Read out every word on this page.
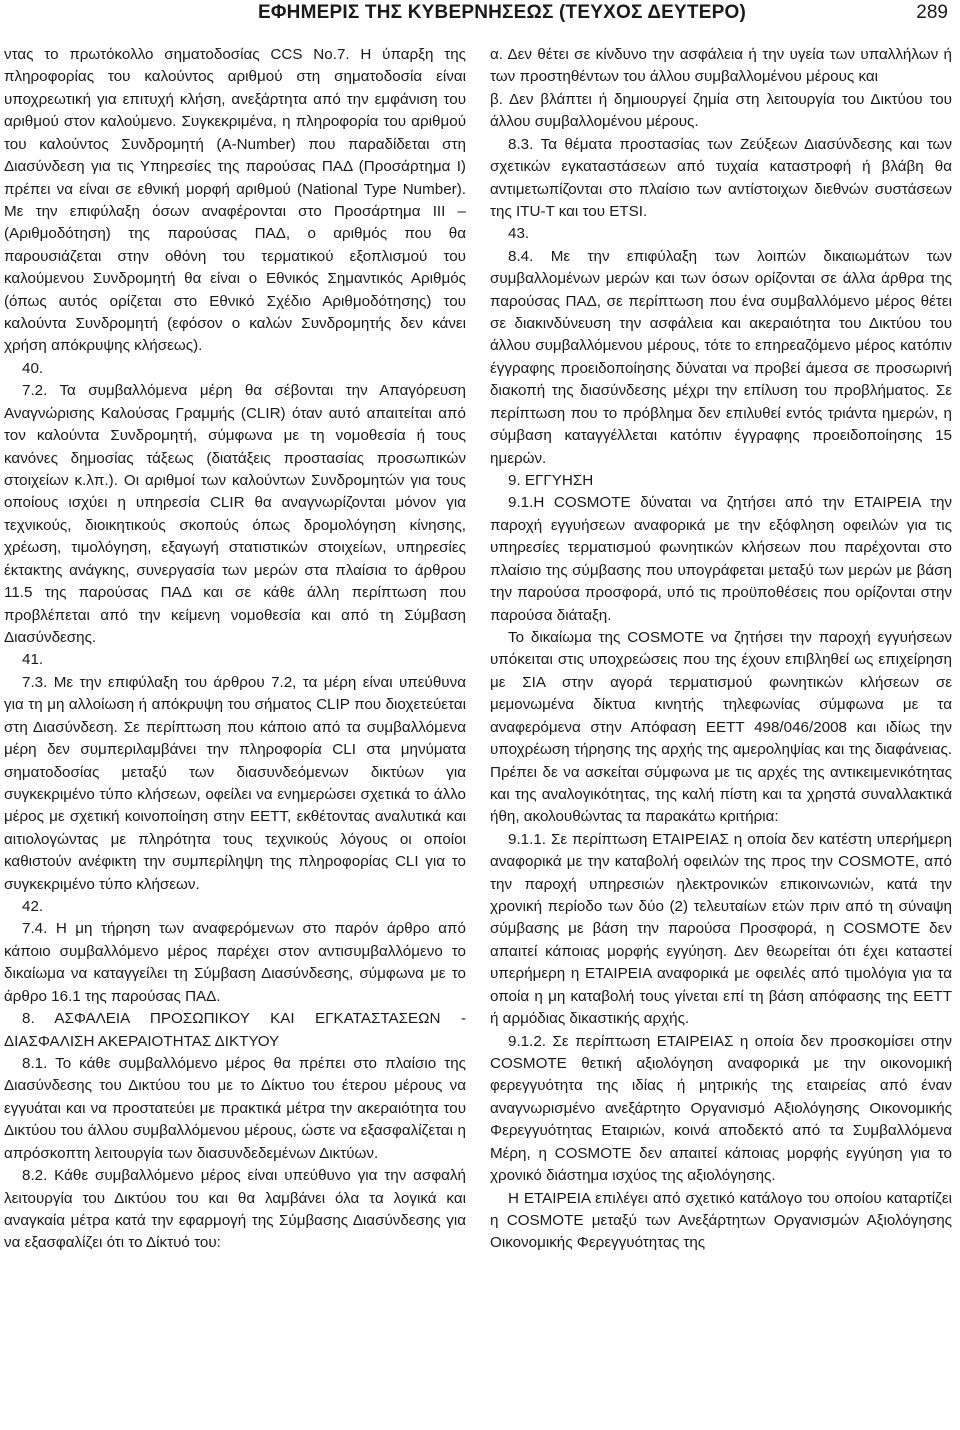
ΕΦΗΜΕΡΙΣ ΤΗΣ ΚΥΒΕΡΝΗΣΕΩΣ (ΤΕΥΧΟΣ ΔΕΥΤΕΡΟ)	289

ντας το πρωτόκολλο σηματοδοσίας CCS No.7. Η ύπαρξη της πληροφορίας του καλούντος αριθμού στη σηματοδοσία είναι υποχρεωτική για επιτυχή κλήση, ανεξάρτητα από την εμφάνιση του αριθμού στον καλούμενο. Συγκεκριμένα, η πληροφορία του αριθμού του καλούντος Συνδρομητή (A-Number) που παραδίδεται στη Διασύνδεση για τις Υπηρεσίες της παρούσας ΠΑΔ (Προσάρτημα I) πρέπει να είναι σε εθνική μορφή αριθμού (National Type Number). Με την επιφύλαξη όσων αναφέρονται στο Προσάρτημα III – (Αριθμοδότηση) της παρούσας ΠΑΔ, ο αριθμός που θα παρουσιάζεται στην οθόνη του τερματικού εξοπλισμού του καλούμενου Συνδρομητή θα είναι ο Εθνικός Σημαντικός Αριθμός (όπως αυτός ορίζεται στο Εθνικό Σχέδιο Αριθμοδότησης) του καλούντα Συνδρομητή (εφόσον ο καλών Συνδρομητής δεν κάνει χρήση απόκρυψης κλήσεως).

40.

7.2. Τα συμβαλλόμενα μέρη θα σέβονται την Απαγόρευση Αναγνώρισης Καλούσας Γραμμής (CLIR) όταν αυτό απαιτείται από τον καλούντα Συνδρομητή, σύμφωνα με τη νομοθεσία ή τους κανόνες δημοσίας τάξεως (διατάξεις προστασίας προσωπικών στοιχείων κ.λπ.). Οι αριθμοί των καλούντων Συνδρομητών για τους οποίους ισχύει η υπηρεσία CLIR θα αναγνωρίζονται μόνον για τεχνικούς, διοικητικούς σκοπούς όπως δρομολόγηση κίνησης, χρέωση, τιμολόγηση, εξαγωγή στατιστικών στοιχείων, υπηρεσίες έκτακτης ανάγκης, συνεργασία των μερών στα πλαίσια το άρθρου 11.5 της παρούσας ΠΑΔ και σε κάθε άλλη περίπτωση που προβλέπεται από την κείμενη νομοθεσία και από τη Σύμβαση Διασύνδεσης.

41.

7.3. Με την επιφύλαξη του άρθρου 7.2, τα μέρη είναι υπεύθυνα για τη μη αλλοίωση ή απόκρυψη του σήματος CLIP που διοχετεύεται στη Διασύνδεση. Σε περίπτωση που κάποιο από τα συμβαλλόμενα μέρη δεν συμπεριλαμβάνει την πληροφορία CLI στα μηνύματα σηματοδοσίας μεταξύ των διασυνδεόμενων δικτύων για συγκεκριμένο τύπο κλήσεων, οφείλει να ενημερώσει σχετικά το άλλο μέρος με σχετική κοινοποίηση στην ΕΕΤΤ, εκθέτοντας αναλυτικά και αιτιολογώντας με πληρότητα τους τεχνικούς λόγους οι οποίοι καθιστούν ανέφικτη την συμπερίληψη της πληροφορίας CLI για το συγκεκριμένο τύπο κλήσεων.

42.

7.4. Η μη τήρηση των αναφερόμενων στο παρόν άρθρο από κάποιο συμβαλλόμενο μέρος παρέχει στον αντισυμβαλλόμενο το δικαίωμα να καταγγείλει τη Σύμβαση Διασύνδεσης, σύμφωνα με το άρθρο 16.1 της παρούσας ΠΑΔ.

8. ΑΣΦΑΛΕΙΑ ΠΡΟΣΩΠΙΚΟΥ ΚΑΙ ΕΓΚΑΤΑΣΤΑΣΕΩΝ - ΔΙΑΣΦΑΛΙΣΗ ΑΚΕΡΑΙΟΤΗΤΑΣ ΔΙΚΤΥΟΥ

8.1. Το κάθε συμβαλλόμενο μέρος θα πρέπει στο πλαίσιο της Διασύνδεσης του Δικτύου του με το Δίκτυο του έτερου μέρους να εγγυάται και να προστατεύει με πρακτικά μέτρα την ακεραιότητα του Δικτύου του άλλου συμβαλλόμενου μέρους, ώστε να εξασφαλίζεται η απρόσκοπτη λειτουργία των διασυνδεδεμένων Δικτύων.

8.2. Κάθε συμβαλλόμενο μέρος είναι υπεύθυνο για την ασφαλή λειτουργία του Δικτύου του και θα λαμβάνει όλα τα λογικά και αναγκαία μέτρα κατά την εφαρμογή της Σύμβασης Διασύνδεσης για να εξασφαλίζει ότι το Δίκτυό του:

α. Δεν θέτει σε κίνδυνο την ασφάλεια ή την υγεία των υπαλλήλων ή των προστηθέντων του άλλου συμβαλλομένου μέρους και

β. Δεν βλάπτει ή δημιουργεί ζημία στη λειτουργία του Δικτύου του άλλου συμβαλλομένου μέρους.

8.3. Τα θέματα προστασίας των Ζεύξεων Διασύνδεσης και των σχετικών εγκαταστάσεων από τυχαία καταστροφή ή βλάβη θα αντιμετωπίζονται στο πλαίσιο των αντίστοιχων διεθνών συστάσεων της ITU-T και του ETSI.

43.

8.4. Με την επιφύλαξη των λοιπών δικαιωμάτων των συμβαλλομένων μερών και των όσων ορίζονται σε άλλα άρθρα της παρούσας ΠΑΔ, σε περίπτωση που ένα συμβαλλόμενο μέρος θέτει σε διακινδύνευση την ασφάλεια και ακεραιότητα του Δικτύου του άλλου συμβαλλόμενου μέρους, τότε το επηρεαζόμενο μέρος κατόπιν έγγραφης προειδοποίησης δύναται να προβεί άμεσα σε προσωρινή διακοπή της διασύνδεσης μέχρι την επίλυση του προβλήματος. Σε περίπτωση που το πρόβλημα δεν επιλυθεί εντός τριάντα ημερών, η σύμβαση καταγγέλλεται κατόπιν έγγραφης προειδοποίησης 15 ημερών.

9. ΕΓΓΥΗΣΗ

9.1.Η COSMOTE δύναται να ζητήσει από την ΕΤΑΙΡΕΙΑ την παροχή εγγυήσεων αναφορικά με την εξόφληση οφειλών για τις υπηρεσίες τερματισμού φωνητικών κλήσεων που παρέχονται στο πλαίσιο της σύμβασης που υπογράφεται μεταξύ των μερών με βάση την παρούσα προσφορά, υπό τις προϋποθέσεις που ορίζονται στην παρούσα διάταξη.

Το δικαίωμα της COSMOTE να ζητήσει την παροχή εγγυήσεων υπόκειται στις υποχρεώσεις που της έχουν επιβληθεί ως επιχείρηση με ΣΙΑ στην αγορά τερματισμού φωνητικών κλήσεων σε μεμονωμένα δίκτυα κινητής τηλεφωνίας σύμφωνα με τα αναφερόμενα στην Απόφαση ΕΕΤΤ 498/046/2008 και ιδίως την υποχρέωση τήρησης της αρχής της αμεροληψίας και της διαφάνειας. Πρέπει δε να ασκείται σύμφωνα με τις αρχές της αντικειμενικότητας και της αναλογικότητας, της καλή πίστη και τα χρηστά συναλλακτικά ήθη, ακολουθώντας τα παρακάτω κριτήρια:

9.1.1. Σε περίπτωση ΕΤΑΙΡΕΙΑΣ η οποία δεν κατέστη υπερήμερη αναφορικά με την καταβολή οφειλών της προς την COSMOTE, από την παροχή υπηρεσιών ηλεκτρονικών επικοινωνιών, κατά την χρονική περίοδο των δύο (2) τελευταίων ετών πριν από τη σύναψη σύμβασης με βάση την παρούσα Προσφορά, η COSMOTE δεν απαιτεί κάποιας μορφής εγγύηση. Δεν θεωρείται ότι έχει καταστεί υπερήμερη η ΕΤΑΙΡΕΙΑ αναφορικά με οφειλές από τιμολόγια για τα οποία η μη καταβολή τους γίνεται επί τη βάση απόφασης της ΕΕΤΤ ή αρμόδιας δικαστικής αρχής.

9.1.2. Σε περίπτωση ΕΤΑΙΡΕΙΑΣ η οποία δεν προσκομίσει στην COSMOTE θετική αξιολόγηση αναφορικά με την οικονομική φερεγγυότητα της ιδίας ή μητρικής της εταιρείας από έναν αναγνωρισμένο ανεξάρτητο Οργανισμό Αξιολόγησης Οικονομικής Φερεγγυότητας Εταιριών, κοινά αποδεκτό από τα Συμβαλλόμενα Μέρη, η COSMOTE δεν απαιτεί κάποιας μορφής εγγύηση για το χρονικό διάστημα ισχύος της αξιολόγησης.

Η ΕΤΑΙΡΕΙΑ επιλέγει από σχετικό κατάλογο του οποίου καταρτίζει η COSMOTE μεταξύ των Ανεξάρτητων Οργανισμών Αξιολόγησης Οικονομικής Φερεγγυότητας της
